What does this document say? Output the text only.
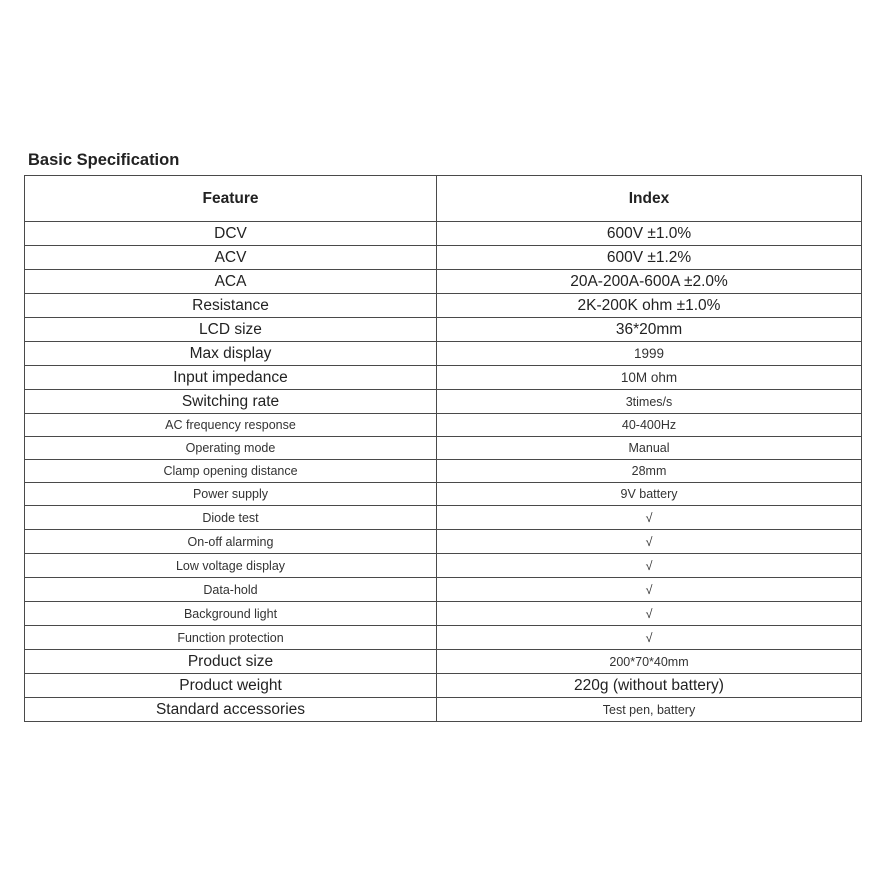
Basic Specification
Feature	Index
DCV	600V ±1.0%
ACV	600V ±1.2%
ACA	20A-200A-600A ±2.0%
Resistance	2K-200K ohm ±1.0%
LCD size	36*20mm
Max display	1999
Input impedance	10M ohm
Switching rate	3times/s
AC frequency response	40-400Hz
Operating mode	Manual
Clamp opening distance	28mm
Power supply	9V battery
Diode test	√
On-off alarming	√
Low voltage display	√
Data-hold	√
Background light	√
Function protection	√
Product size	200*70*40mm
Product weight	220g (without battery)
Standard accessories	Test pen, battery
